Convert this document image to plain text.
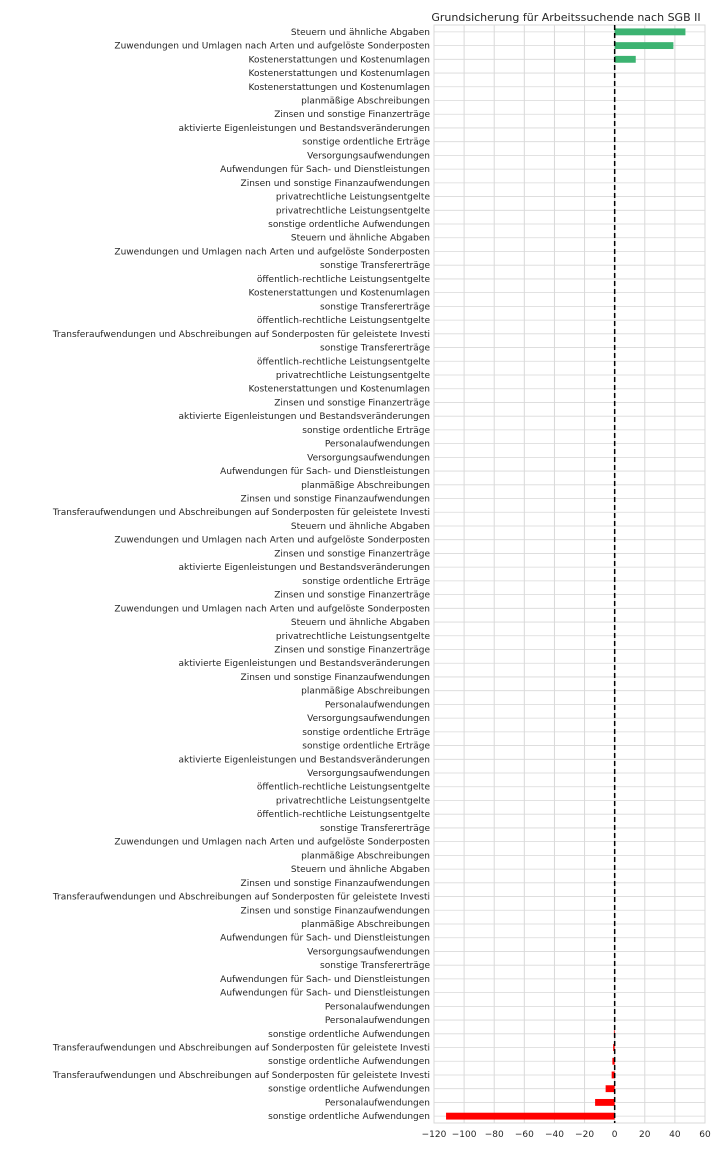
Grundsicherung für Arbeitssuchende nach SGB II
Steuern und ähnliche Abgaben
Zuwendungen und Umlagen nach Arten und aufgelöste Sonderposten
Kostenerstattungen und Kostenumlagen
Kostenerstattungen und Kostenumlagen
Kostenerstattungen und Kostenumlagen
planmäßige Abschreibungen
Zinsen und sonstige Finanzerträge
aktivierte Eigenleistungen und Bestandsveränderungen
sonstige ordentliche Erträge
Versorgungsaufwendungen
Aufwendungen für Sach- und Dienstleistungen
Zinsen und sonstige Finanzaufwendungen
privatrechtliche Leistungsentgelte
privatrechtliche Leistungsentgelte
sonstige ordentliche Aufwendungen
Steuern und ähnliche Abgaben
Zuwendungen und Umlagen nach Arten und aufgelöste Sonderposten
sonstige Transfererträge
öffentlich-rechtliche Leistungsentgelte
Kostenerstattungen und Kostenumlagen
sonstige Transfererträge
öffentlich-rechtliche Leistungsentgelte
Transferaufwendungen und Abschreibungen auf Sonderposten für geleistete Investi
sonstige Transfererträge
öffentlich-rechtliche Leistungsentgelte
privatrechtliche Leistungsentgelte
Kostenerstattungen und Kostenumlagen
Zinsen und sonstige Finanzerträge
aktivierte Eigenleistungen und Bestandsveränderungen
sonstige ordentliche Erträge
Personalaufwendungen
Versorgungsaufwendungen
Aufwendungen für Sach- und Dienstleistungen
planmäßige Abschreibungen
Zinsen und sonstige Finanzaufwendungen
Transferaufwendungen und Abschreibungen auf Sonderposten für geleistete Investi
Steuern und ähnliche Abgaben
Zuwendungen und Umlagen nach Arten und aufgelöste Sonderposten
Zinsen und sonstige Finanzerträge
aktivierte Eigenleistungen und Bestandsveränderungen
sonstige ordentliche Erträge
Zinsen und sonstige Finanzerträge
Zuwendungen und Umlagen nach Arten und aufgelöste Sonderposten
Steuern und ähnliche Abgaben
privatrechtliche Leistungsentgelte
Zinsen und sonstige Finanzerträge
aktivierte Eigenleistungen und Bestandsveränderungen
Zinsen und sonstige Finanzaufwendungen
planmäßige Abschreibungen
Personalaufwendungen
Versorgungsaufwendungen
sonstige ordentliche Erträge
sonstige ordentliche Erträge
aktivierte Eigenleistungen und Bestandsveränderungen
Versorgungsaufwendungen
öffentlich-rechtliche Leistungsentgelte
privatrechtliche Leistungsentgelte
öffentlich-rechtliche Leistungsentgelte
sonstige Transfererträge
Zuwendungen und Umlagen nach Arten und aufgelöste Sonderposten
planmäßige Abschreibungen
Steuern und ähnliche Abgaben
Zinsen und sonstige Finanzaufwendungen
Transferaufwendungen und Abschreibungen auf Sonderposten für geleistete Investi
Zinsen und sonstige Finanzaufwendungen
planmäßige Abschreibungen
Aufwendungen für Sach- und Dienstleistungen
Versorgungsaufwendungen
sonstige Transfererträge
Aufwendungen für Sach- und Dienstleistungen
Aufwendungen für Sach- und Dienstleistungen
Personalaufwendungen
Personalaufwendungen
sonstige ordentliche Aufwendungen
Transferaufwendungen und Abschreibungen auf Sonderposten für geleistete Investi
sonstige ordentliche Aufwendungen
Transferaufwendungen und Abschreibungen auf Sonderposten für geleistete Investi
sonstige ordentliche Aufwendungen
Personalaufwendungen
sonstige ordentliche Aufwendungen
−120 −100 −80 −60 −40 −20 0 20 40 60
